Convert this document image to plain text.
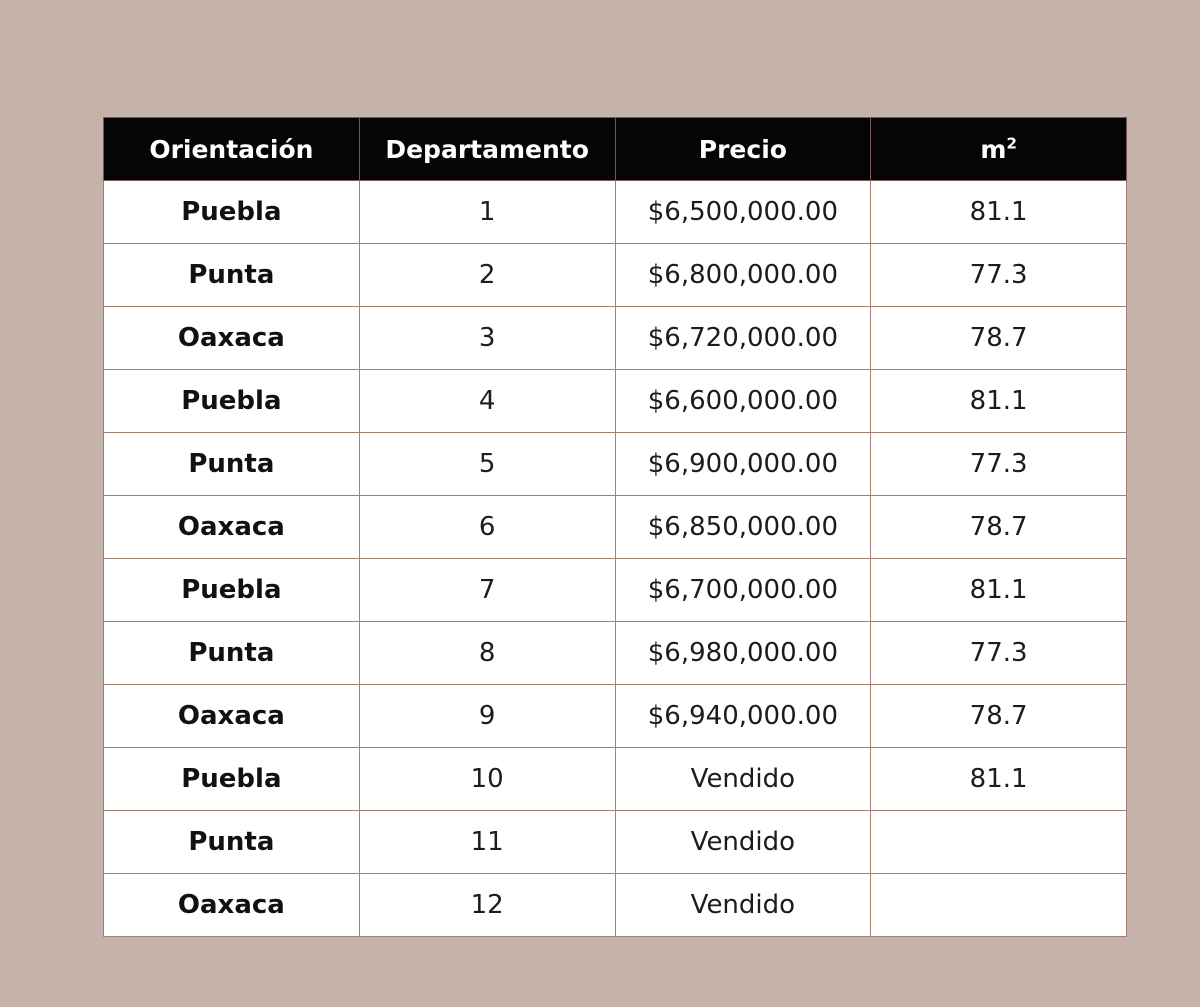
Orientación	Departamento	Precio	$m^2$
Puebla	1	$6,500,000.00	81.1
Punta	2	$6,800,000.00	77.3
Oaxaca	3	$6,720,000.00	78.7
Puebla	4	$6,600,000.00	81.1
Punta	5	$6,900,000.00	77.3
Oaxaca	6	$6,850,000.00	78.7
Puebla	7	$6,700,000.00	81.1
Punta	8	$6,980,000.00	77.3
Oaxaca	9	$6,940,000.00	78.7
Puebla	10	Vendido	81.1
Punta	11	Vendido	
Oaxaca	12	Vendido	
